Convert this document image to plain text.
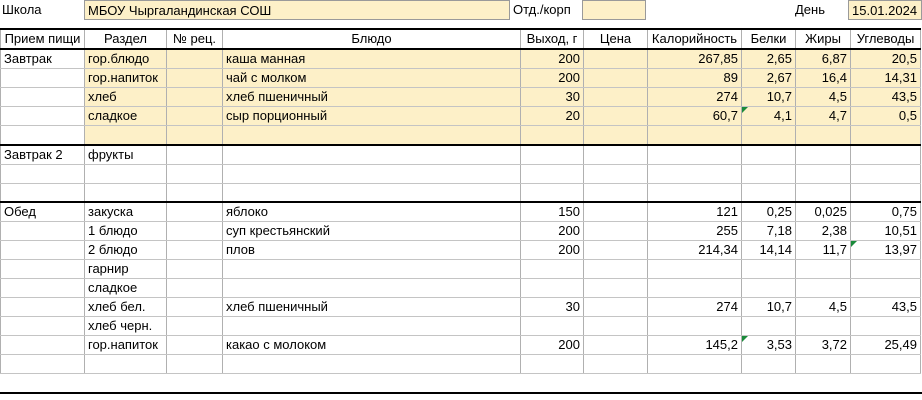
Школа	МБОУ Чыргаландинская СОШ	Отд./корп	День	15.01.2024
Прием пищи	Раздел	№ рец.	Блюдо	Выход, г	Цена	Калорийность	Белки	Жиры	Углеводы
Завтрак	гор.блюдо		каша манная	200		267,85	2,65	6,87	20,5
	гор.напиток		чай с молком	200		89	2,67	16,4	14,31
	хлеб		хлеб пшеничный	30		274	10,7	4,5	43,5
	сладкое		сыр порционный	20		60,7	4,1	4,7	0,5

Завтрак 2	фрукты								

Обед	закуска		яблоко	150		121	0,25	0,025	0,75
	1 блюдо		суп крестьянский	200		255	7,18	2,38	10,51
	2 блюдо		плов	200		214,34	14,14	11,7	13,97
	гарнир								
	сладкое								
	хлеб бел.		хлеб пшеничный	30		274	10,7	4,5	43,5
	хлеб черн.								
	гор.напиток		какао с молоком	200		145,2	3,53	3,72	25,49
